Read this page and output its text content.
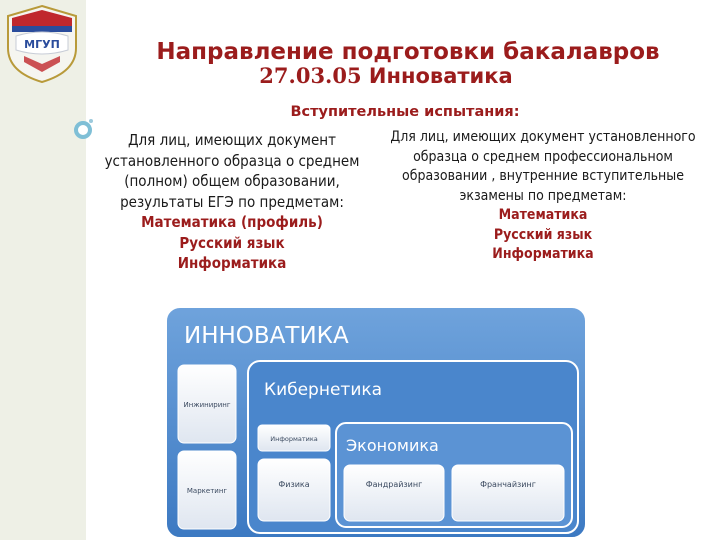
МГУП	Направление подготовки бакалавров
27.03.05 Инноватика
Вступительные испытания:
Для лиц, имеющих документ установленного образца о среднем (полном) общем образовании, результаты ЕГЭ по предметам:
Математика (профиль)
Русский язык
Информатика
Для лиц, имеющих документ установленного образца о среднем профессиональном образовании , внутренние вступительные экзамены по предметам:
Математика
Русский язык
Информатика
ИННОВАТИКА
Инжиниринг
Маркетинг
Кибернетика
Информатика Экономика
Физика	Фандрайзинг	Франчайзинг
